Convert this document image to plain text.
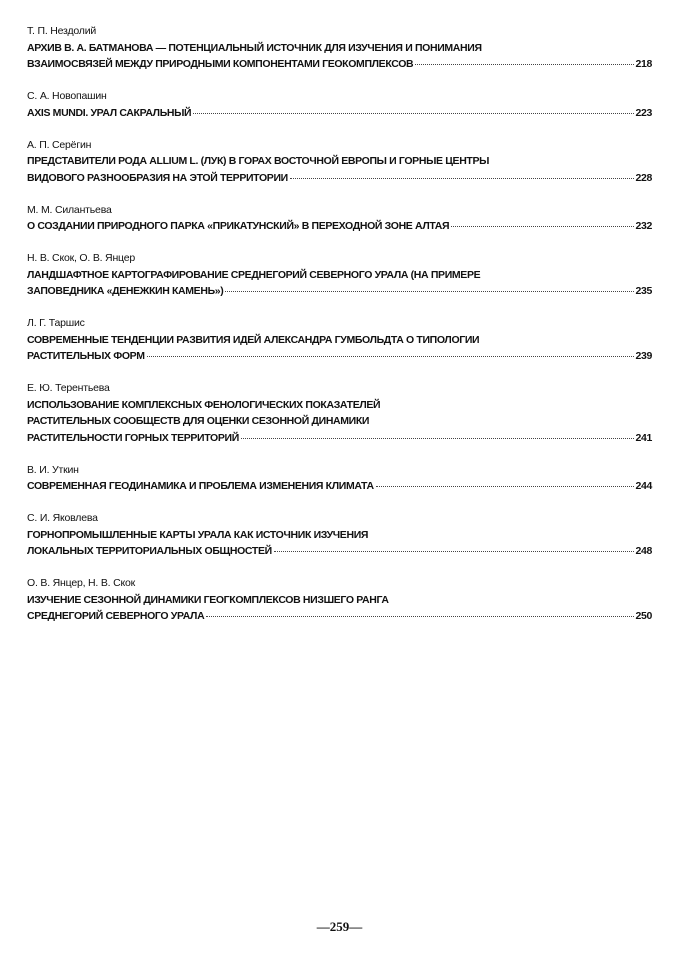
Т. П. Нездолий
АРХИВ В. А. БАТМАНОВА — ПОТЕНЦИАЛЬНЫЙ ИСТОЧНИК ДЛЯ ИЗУЧЕНИЯ И ПОНИМАНИЯ
ВЗАИМОСВЯЗЕЙ МЕЖДУ ПРИРОДНЫМИ КОМПОНЕНТАМИ ГЕОКОМПЛЕКСОВ	218
С. А. Новопашин
AXIS MUNDI. УРАЛ САКРАЛЬНЫЙ	223
А. П. Серёгин
ПРЕДСТАВИТЕЛИ РОДА ALLIUM L. (ЛУК) В ГОРАХ ВОСТОЧНОЙ ЕВРОПЫ И ГОРНЫЕ ЦЕНТРЫ
ВИДОВОГО РАЗНООБРАЗИЯ НА ЭТОЙ ТЕРРИТОРИИ	228
М. М. Силантьева
О СОЗДАНИИ ПРИРОДНОГО ПАРКА «ПРИКАТУНСКИЙ» В ПЕРЕХОДНОЙ ЗОНЕ АЛТАЯ	232
Н. В. Скок, О. В. Янцер
ЛАНДШАФТНОЕ КАРТОГРАФИРОВАНИЕ СРЕДНЕГОРИЙ СЕВЕРНОГО УРАЛА (НА ПРИМЕРЕ
ЗАПОВЕДНИКА «ДЕНЕЖКИН КАМЕНЬ»)	235
Л. Г. Таршис
СОВРЕМЕННЫЕ ТЕНДЕНЦИИ РАЗВИТИЯ ИДЕЙ АЛЕКСАНДРА ГУМБОЛЬДТА О ТИПОЛОГИИ
РАСТИТЕЛЬНЫХ ФОРМ	239
Е. Ю. Терентьева
ИСПОЛЬЗОВАНИЕ КОМПЛЕКСНЫХ ФЕНОЛОГИЧЕСКИХ ПОКАЗАТЕЛЕЙ
РАСТИТЕЛЬНЫХ СООБЩЕСТВ ДЛЯ ОЦЕНКИ СЕЗОННОЙ ДИНАМИКИ
РАСТИТЕЛЬНОСТИ ГОРНЫХ ТЕРРИТОРИЙ	241
В. И. Уткин
СОВРЕМЕННАЯ ГЕОДИНАМИКА И ПРОБЛЕМА ИЗМЕНЕНИЯ КЛИМАТА	244
С. И. Яковлева
ГОРНОПРОМЫШЛЕННЫЕ КАРТЫ УРАЛА КАК ИСТОЧНИК ИЗУЧЕНИЯ
ЛОКАЛЬНЫХ ТЕРРИТОРИАЛЬНЫХ ОБЩНОСТЕЙ	248
О. В. Янцер, Н. В. Скок
ИЗУЧЕНИЕ СЕЗОННОЙ ДИНАМИКИ ГЕОГКОМПЛЕКСОВ НИЗШЕГО РАНГА
СРЕДНЕГОРИЙ СЕВЕРНОГО УРАЛА	250
—259—
